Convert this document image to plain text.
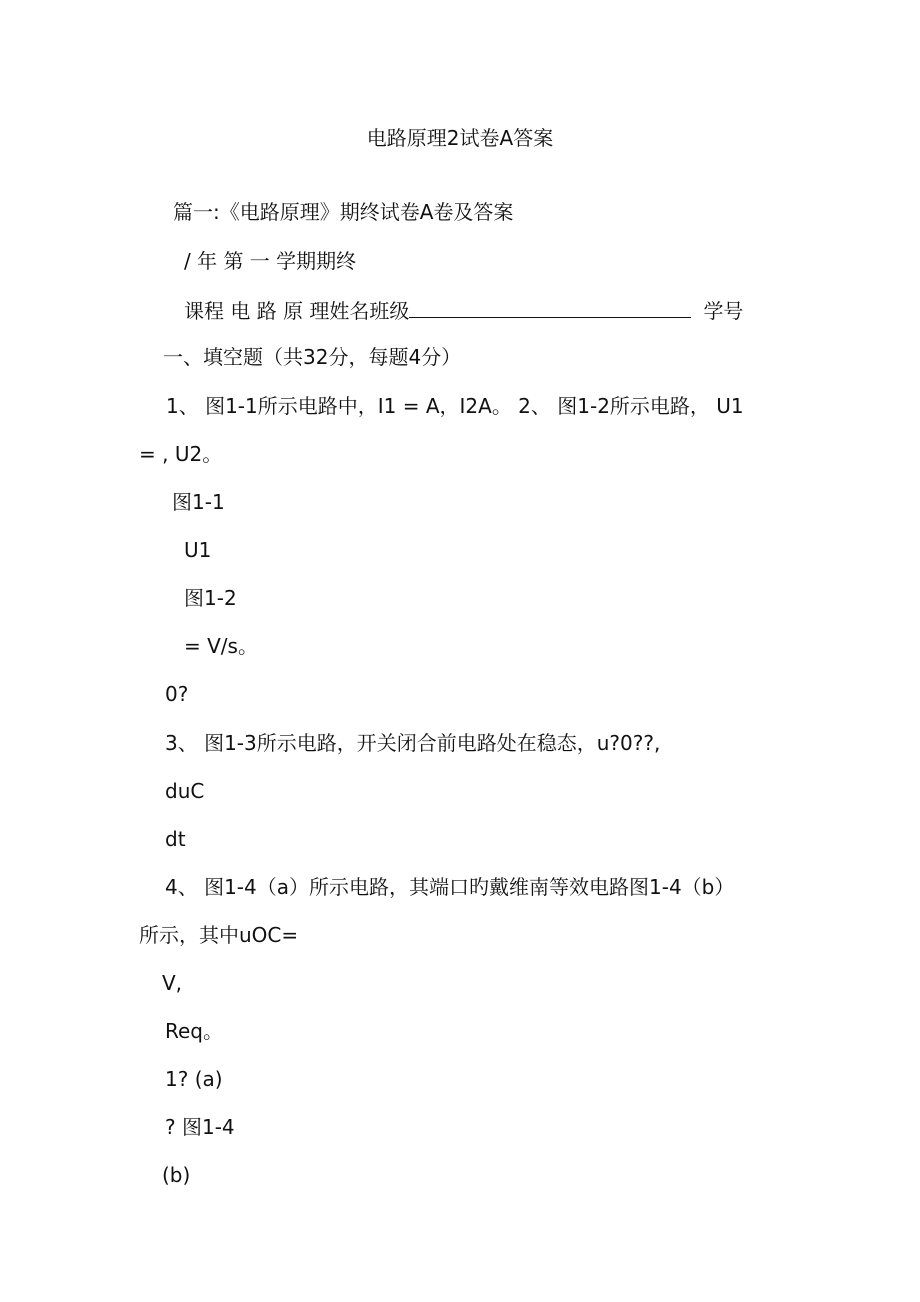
电路原理2试卷A答案
篇一:《电路原理》期终试卷A卷及答案
/ 年 第 一 学期期终
课程 电 路 原 理姓名班级	学号
一、填空题（共32分，每题4分）
1、 图1-1所示电路中，I1 = A，I2A。 2、 图1-2所示电路， U1
= , U2。
图1-1
U1
图1-2
= V/s。
0?
3、 图1-3所示电路，开关闭合前电路处在稳态，u?0??,
duC
dt
4、 图1-4（a）所示电路，其端口旳戴维南等效电路图1-4（b）
所示，其中uOC=
V,
Req。
1? (a)
? 图1-4
(b)
